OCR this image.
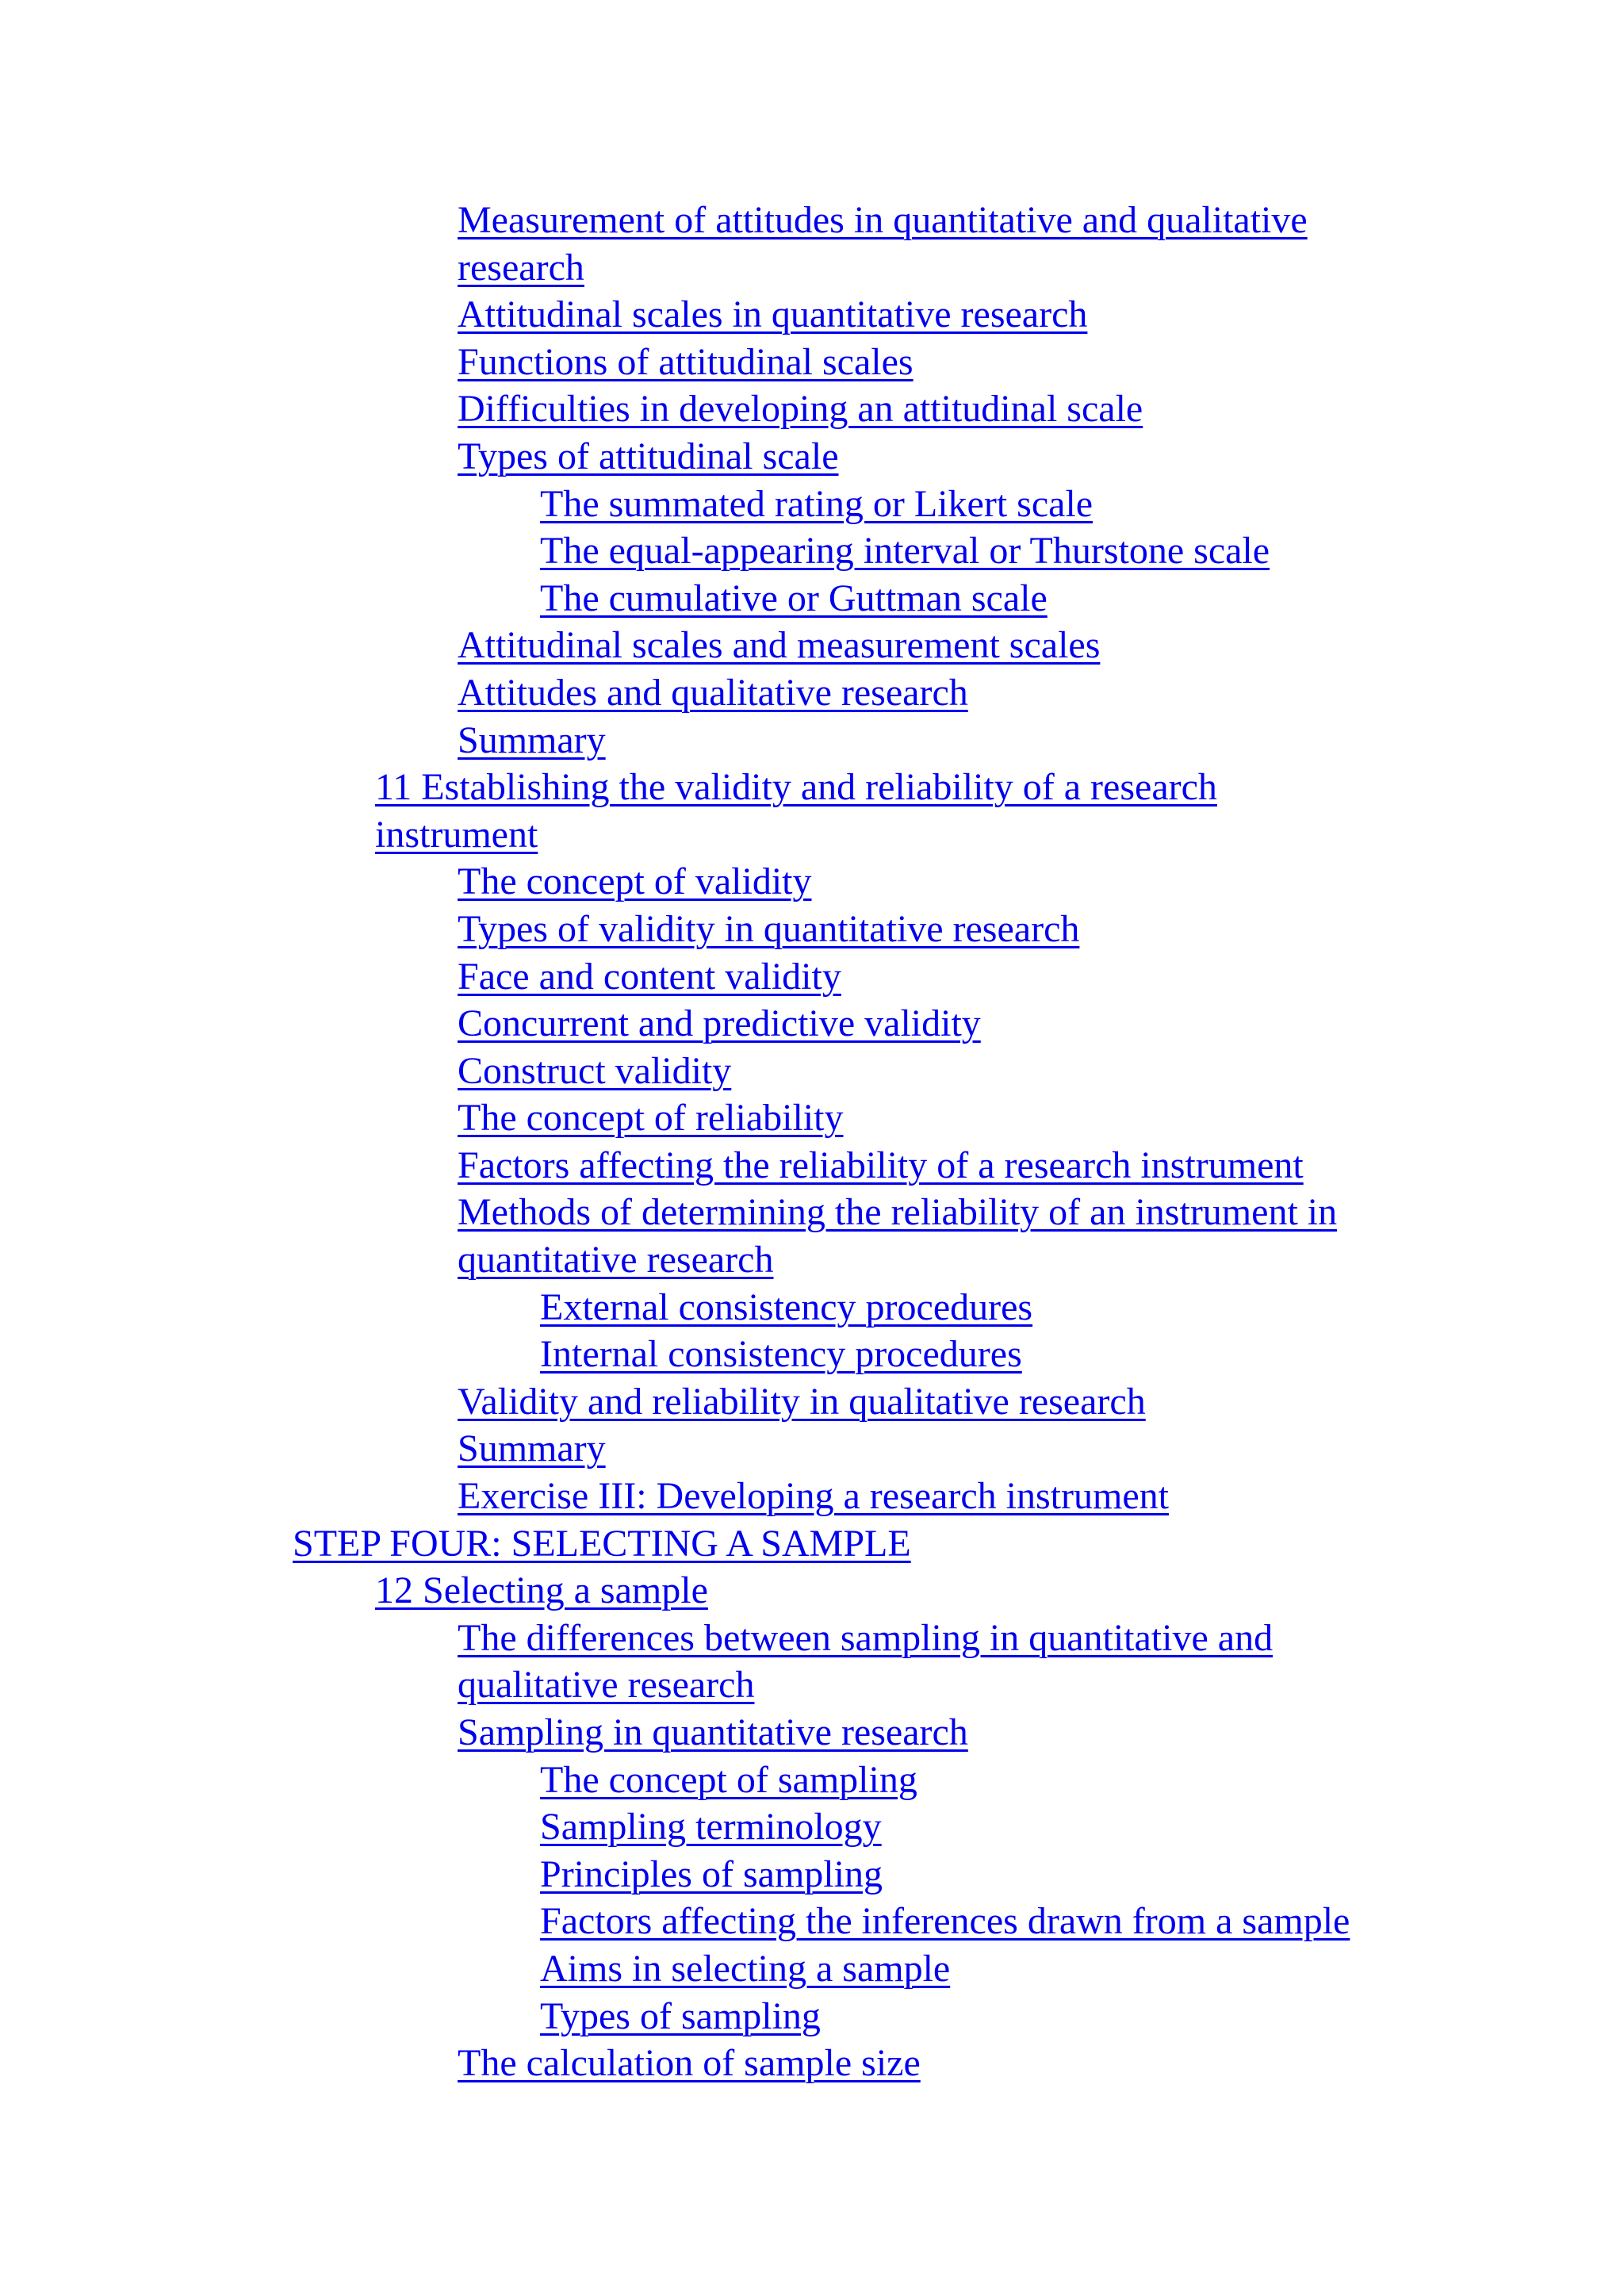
Measurement of attitudes in quantitative and qualitative research
Attitudinal scales in quantitative research
Functions of attitudinal scales
Difficulties in developing an attitudinal scale
Types of attitudinal scale
The summated rating or Likert scale
The equal-appearing interval or Thurstone scale
The cumulative or Guttman scale
Attitudinal scales and measurement scales
Attitudes and qualitative research
Summary
11 Establishing the validity and reliability of a research instrument
The concept of validity
Types of validity in quantitative research
Face and content validity
Concurrent and predictive validity
Construct validity
The concept of reliability
Factors affecting the reliability of a research instrument
Methods of determining the reliability of an instrument in quantitative research
External consistency procedures
Internal consistency procedures
Validity and reliability in qualitative research
Summary
Exercise III: Developing a research instrument
STEP FOUR: SELECTING A SAMPLE
12 Selecting a sample
The differences between sampling in quantitative and qualitative research
Sampling in quantitative research
The concept of sampling
Sampling terminology
Principles of sampling
Factors affecting the inferences drawn from a sample
Aims in selecting a sample
Types of sampling
The calculation of sample size
